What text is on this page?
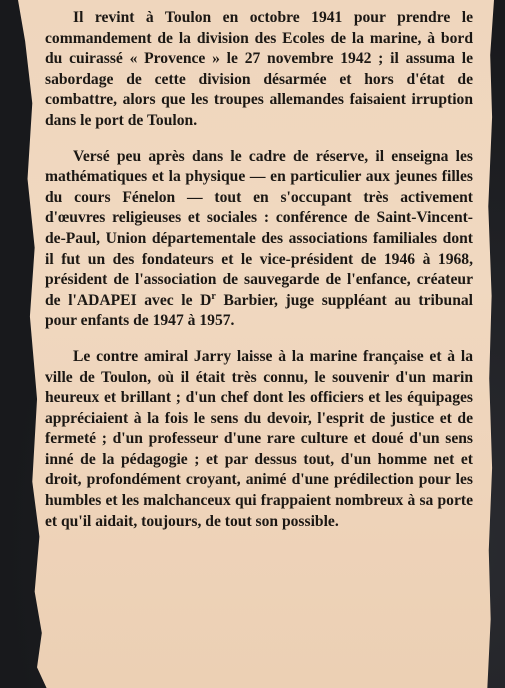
Il revint à Toulon en octobre 1941 pour prendre le commandement de la division des Ecoles de la marine, à bord du cuirassé « Provence » le 27 novembre 1942 ; il assuma le sabordage de cette division désarmée et hors d'état de combattre, alors que les troupes allemandes faisaient irruption dans le port de Toulon.

Versé peu après dans le cadre de réserve, il enseigna les mathématiques et la physique — en particulier aux jeunes filles du cours Fénelon — tout en s'occupant très activement d'œuvres religieuses et sociales : conférence de Saint-Vincent-de-Paul, Union départementale des associations familiales dont il fut un des fondateurs et le vice-président de 1946 à 1968, président de l'association de sauvegarde de l'enfance, créateur de l'ADAPEI avec le $D^r$ Barbier, juge suppléant au tribunal pour enfants de 1947 à 1957.

Le contre amiral Jarry laisse à la marine française et à la ville de Toulon, où il était très connu, le souvenir d'un marin heureux et brillant ; d'un chef dont les officiers et les équipages appréciaient à la fois le sens du devoir, l'esprit de justice et de fermeté ; d'un professeur d'une rare culture et doué d'un sens inné de la pédagogie ; et par dessus tout, d'un homme net et droit, profondément croyant, animé d'une prédilection pour les humbles et les malchanceux qui frappaient nombreux à sa porte et qu'il aidait, toujours, de tout son possible.
